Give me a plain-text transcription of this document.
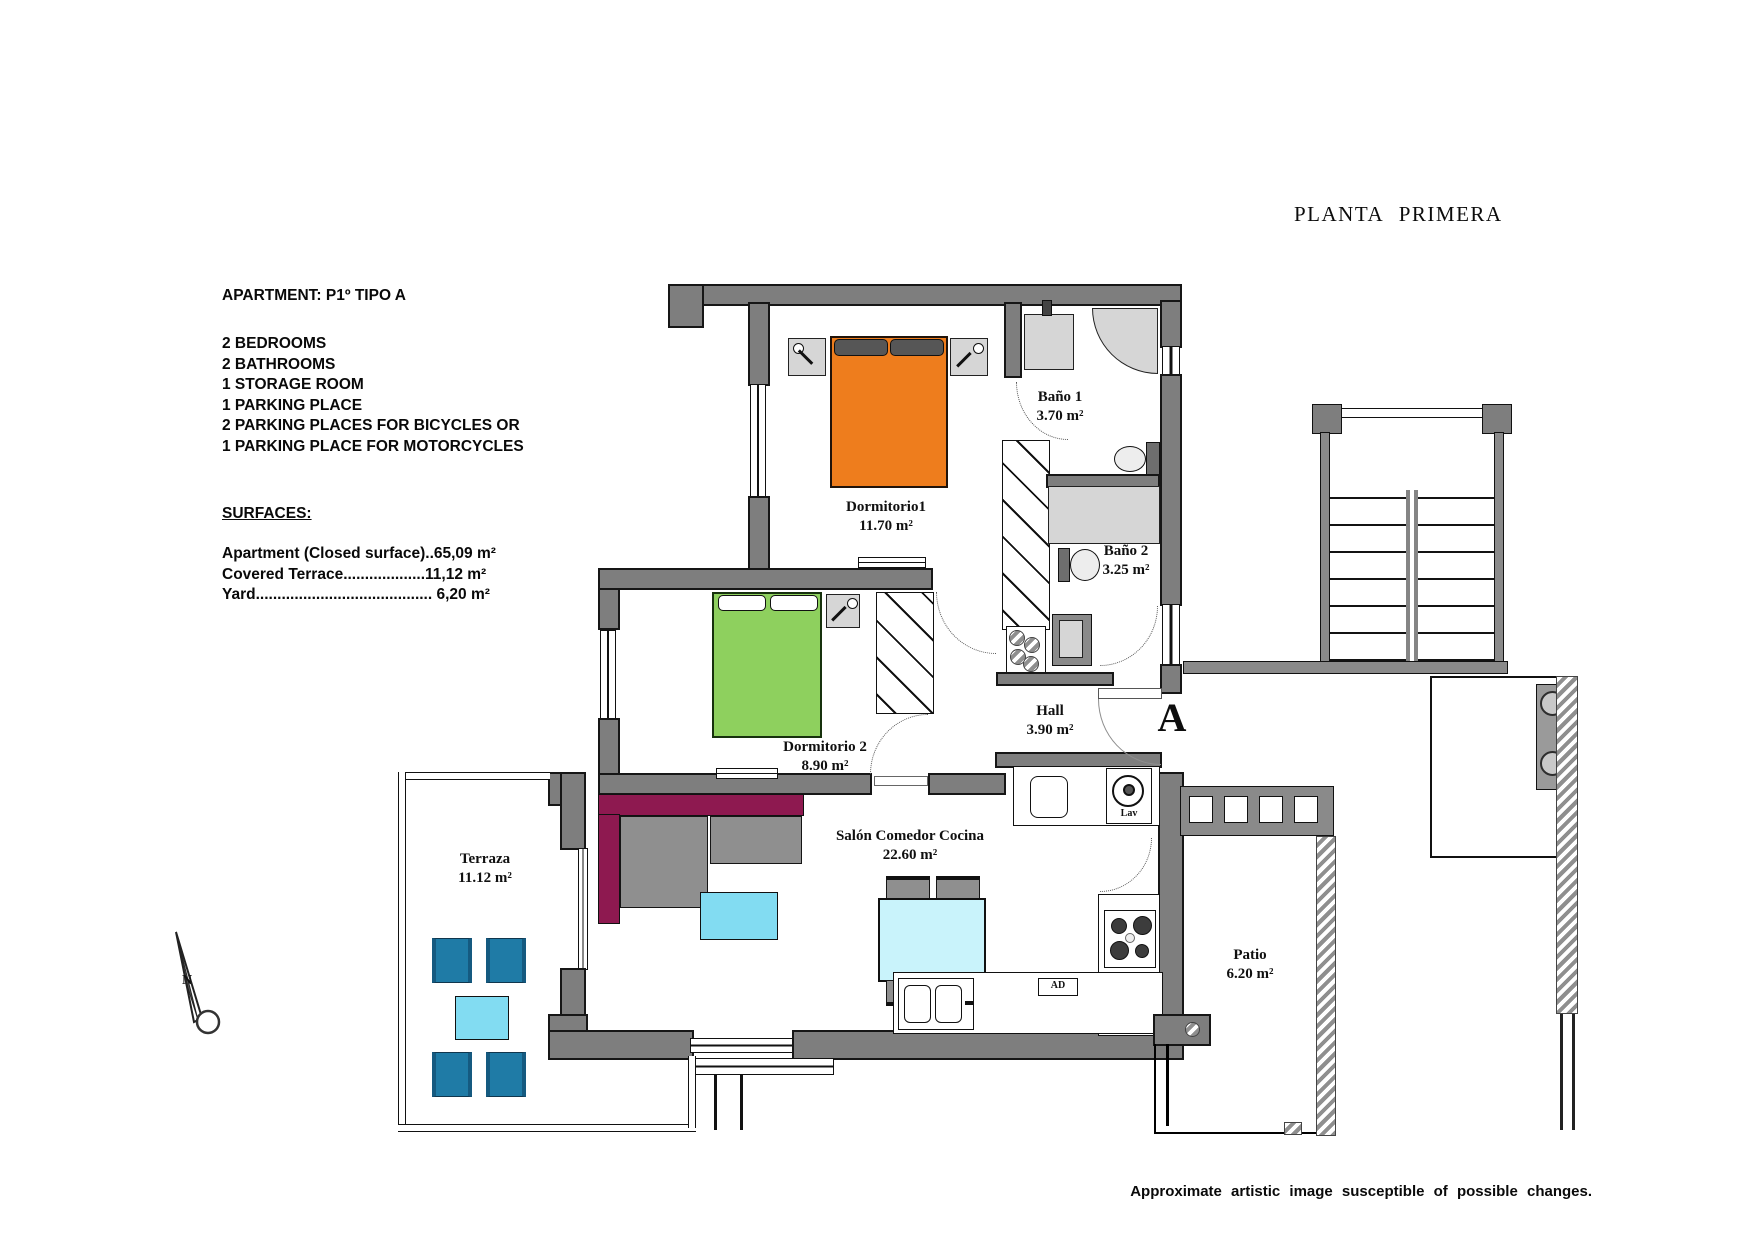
PLANTA PRIMERA
APARTMENT: P1º TIPO A
2 BEDROOMS
2 BATHROOMS
1 STORAGE ROOM
1 PARKING PLACE
2 PARKING PLACES FOR BICYCLES OR
1 PARKING PLACE FOR MOTORCYCLES
SURFACES:
Apartment (Closed surface)..65,09 m²
Covered Terrace...................11,12 m²
Yard......................................... 6,20 m²
Approximate artistic image susceptible of possible changes.
Lav
AD
A
N
Dormitorio1
11.70 m²
Baño 1
3.70 m²
Baño 2
3.25 m²
Hall
3.90 m²
Dormitorio 2
8.90 m²
Salón Comedor Cocina
22.60 m²
Terraza
11.12 m²
Patio
6.20 m²
